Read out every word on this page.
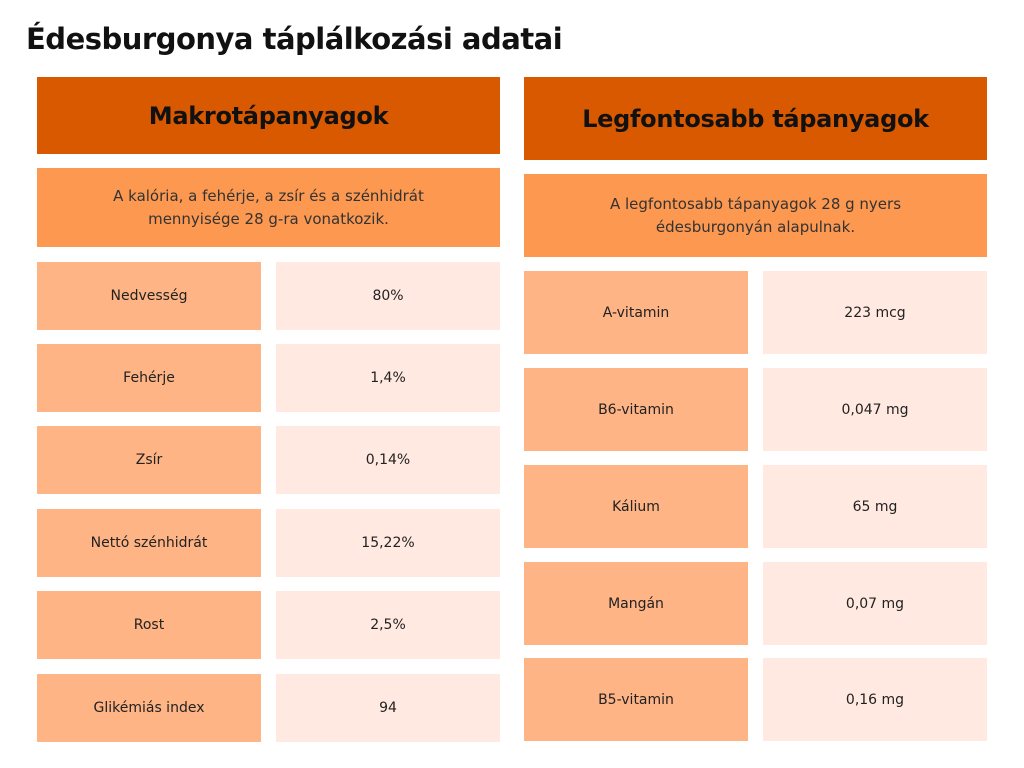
Édesburgonya táplálkozási adatai
Makrotápanyagok
A kalória, a fehérje, a zsír és a szénhidrát mennyisége 28 g-ra vonatkozik.
Nedvesség	80%
Fehérje	1,4%
Zsír	0,14%
Nettó szénhidrát	15,22%
Rost	2,5%
Glikémiás index	94
Legfontosabb tápanyagok
A legfontosabb tápanyagok 28 g nyers édesburgonyán alapulnak.
A-vitamin	223 mcg
B6-vitamin	0,047 mg
Kálium	65 mg
Mangán	0,07 mg
B5-vitamin	0,16 mg
